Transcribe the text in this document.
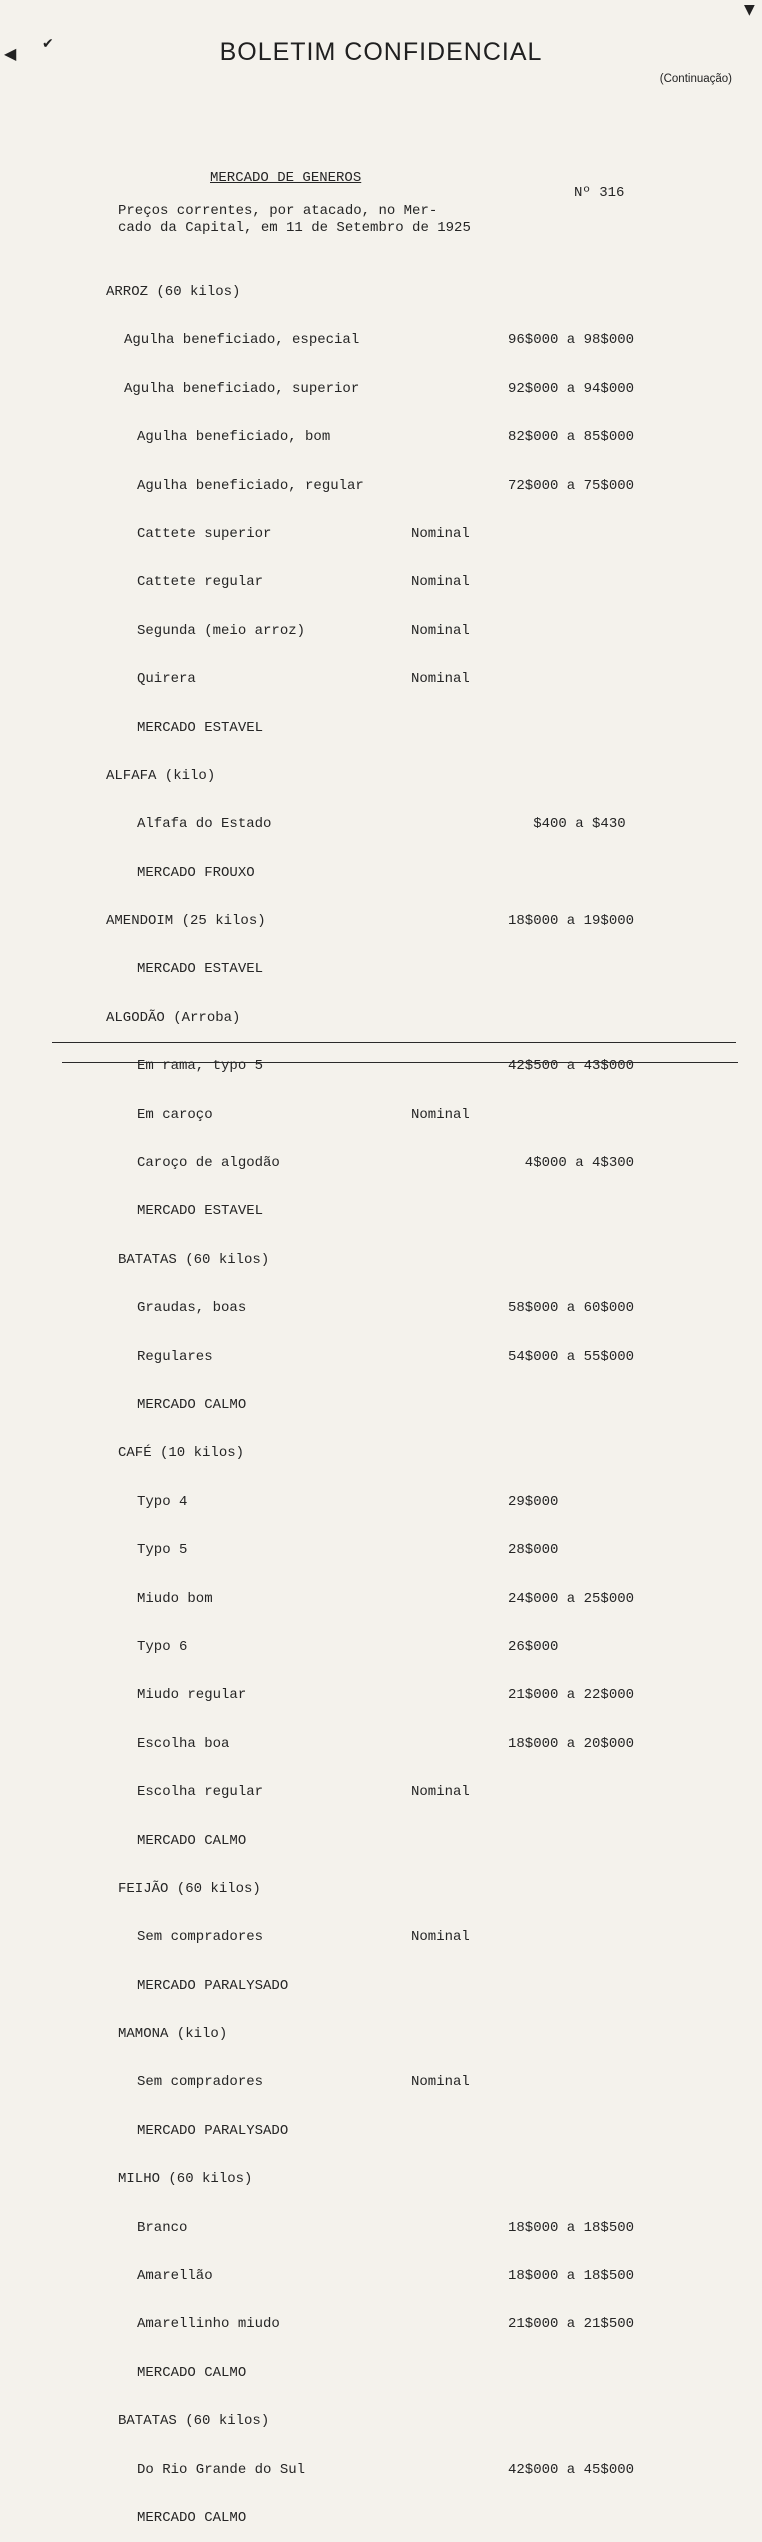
BOLETIM CONFIDENCIAL
(Continuação)
◀ ✔
▼
MERCADO DE GENEROS
Nº 316
Preços correntes, por atacado, no Mer-
cado da Capital, em 11 de Setembro de 1925

ARROZ (60 kilos)

Agulha beneficiado, especial	96$000 a 98$000

Agulha beneficiado, superior	92$000 a 94$000

Agulha beneficiado, bom	82$000 a 85$000

Agulha beneficiado, regular	72$000 a 75$000

Cattete superior	Nominal

Cattete regular	Nominal

Segunda (meio arroz)	Nominal

Quirera	Nominal

MERCADO ESTAVEL

ALFAFA (kilo)

Alfafa do Estado	$400 a $430

MERCADO FROUXO

AMENDOIM (25 kilos)	18$000 a 19$000

MERCADO ESTAVEL

ALGODÃO (Arroba)

Em rama, typo 5	42$500 a 43$000

Em caroço	Nominal

Caroço de algodão	4$000 a 4$300

MERCADO ESTAVEL

BATATAS (60 kilos)

Graudas, boas	58$000 a 60$000

Regulares	54$000 a 55$000

MERCADO CALMO

CAFÉ (10 kilos)

Typo 4	29$000

Typo 5	28$000

Miudo bom	24$000 a 25$000

Typo 6	26$000

Miudo regular	21$000 a 22$000

Escolha boa	18$000 a 20$000

Escolha regular	Nominal

MERCADO CALMO

FEIJÃO (60 kilos)

Sem compradores	Nominal

MERCADO PARALYSADO

MAMONA (kilo)

Sem compradores	Nominal

MERCADO PARALYSADO

MILHO (60 kilos)

Branco	18$000 a 18$500

Amarellão	18$000 a 18$500

Amarellinho miudo	21$000 a 21$500

MERCADO CALMO

BATATAS (60 kilos)

Do Rio Grande do Sul	42$000 a 45$000

MERCADO CALMO
